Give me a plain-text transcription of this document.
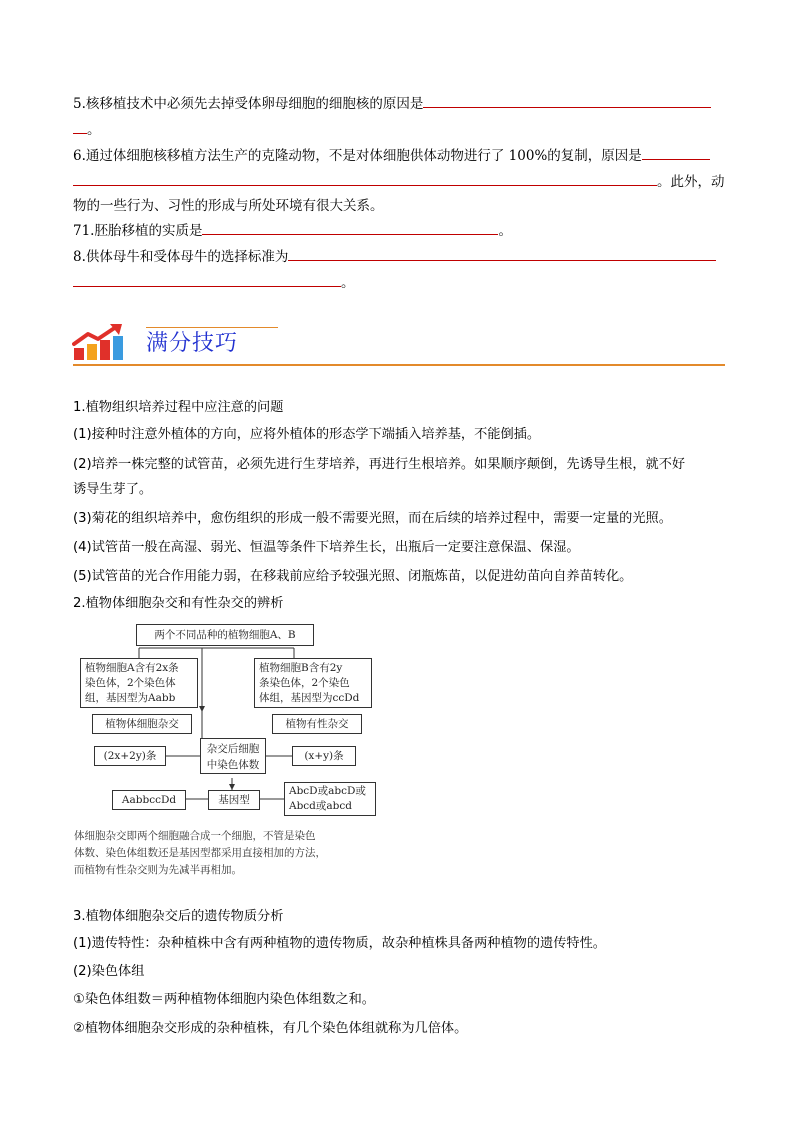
5.核移植技术中必须先去掉受体卵母细胞的细胞核的原因是
。
6.通过体细胞核移植方法生产的克隆动物，不是对体细胞供体动物进行了 100%的复制，原因是
。此外，动
物的一些行为、习性的形成与所处环境有很大关系。
71.胚胎移植的实质是	。
8.供体母牛和受体母牛的选择标准为
。
满分技巧
1.植物组织培养过程中应注意的问题
(1)接种时注意外植体的方向，应将外植体的形态学下端插入培养基，不能倒插。
(2)培养一株完整的试管苗，必须先进行生芽培养，再进行生根培养。如果顺序颠倒，先诱导生根，就不好
诱导生芽了。
(3)菊花的组织培养中，愈伤组织的形成一般不需要光照，而在后续的培养过程中，需要一定量的光照。
(4)试管苗一般在高湿、弱光、恒温等条件下培养生长，出瓶后一定要注意保温、保湿。
(5)试管苗的光合作用能力弱，在移栽前应给予较强光照、闭瓶炼苗，以促进幼苗向自养苗转化。
2.植物体细胞杂交和有性杂交的辨析
两个不同品种的植物细胞A、B
植物细胞A含有2x条
染色体，2个染色体
组，基因型为Aabb
植物细胞B含有2y
条染色体，2个染色
体组，基因型为ccDd
植物体细胞杂交	植物有性杂交
杂交后细胞
中染色体数
(2x+2y)条	(x+y)条
基因型
AabbccDd
AbcD或abcD或
Abcd或abcd
体细胞杂交即两个细胞融合成一个细胞，不管是染色
体数、染色体组数还是基因型都采用直接相加的方法，
而植物有性杂交则为先减半再相加。
3.植物体细胞杂交后的遗传物质分析
(1)遗传特性：杂种植株中含有两种植物的遗传物质，故杂种植株具备两种植物的遗传特性。
(2)染色体组
①染色体组数＝两种植物体细胞内染色体组数之和。
②植物体细胞杂交形成的杂种植株，有几个染色体组就称为几倍体。
